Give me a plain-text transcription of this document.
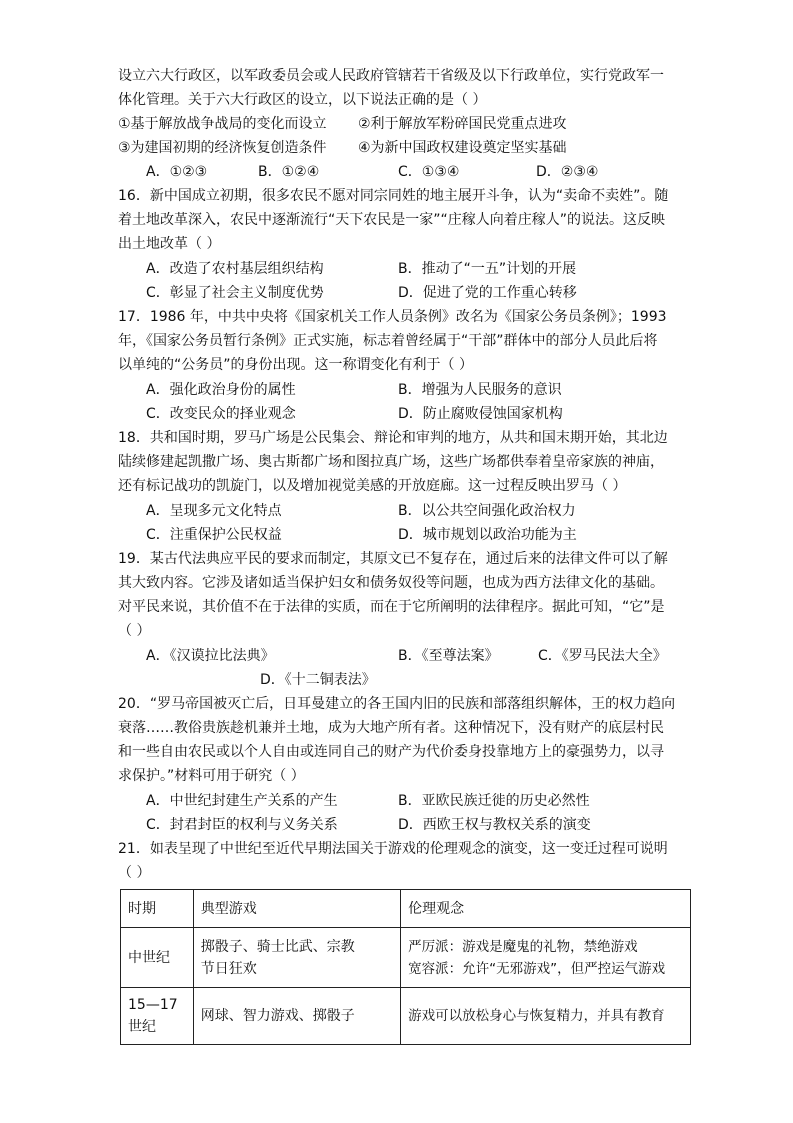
设立六大行政区，以军政委员会或人民政府管辖若干省级及以下行政单位，实行党政军一
体化管理。关于六大行政区的设立，以下说法正确的是（ ）
①基于解放战争战局的变化而设立 ②利于解放军粉碎国民党重点进攻
③为建国初期的经济恢复创造条件 ④为新中国政权建设奠定坚实基础
A．①②③	B．①②④	C．①③④	D．②③④
16．新中国成立初期，很多农民不愿对同宗同姓的地主展开斗争，认为“卖命不卖姓”。随
着土地改革深入，农民中逐渐流行“天下农民是一家”“庄稼人向着庄稼人”的说法。这反映
出土地改革（ ）
A．改造了农村基层组织结构	B．推动了“一五”计划的开展
C．彰显了社会主义制度优势	D．促进了党的工作重心转移
17．1986 年，中共中央将《国家机关工作人员条例》改名为《国家公务员条例》；1993
年，《国家公务员暂行条例》正式实施，标志着曾经属于“干部”群体中的部分人员此后将
以单纯的“公务员”的身份出现。这一称谓变化有利于（ ）
A．强化政治身份的属性	B．增强为人民服务的意识
C．改变民众的择业观念	D．防止腐败侵蚀国家机构
18．共和国时期，罗马广场是公民集会、辩论和审判的地方，从共和国末期开始，其北边
陆续修建起凯撒广场、奥古斯都广场和图拉真广场，这些广场都供奉着皇帝家族的神庙，
还有标记战功的凯旋门，以及增加视觉美感的开放庭廊。这一过程反映出罗马（ ）
A．呈现多元文化特点	B．以公共空间强化政治权力
C．注重保护公民权益	D．城市规划以政治功能为主
19．某古代法典应平民的要求而制定，其原文已不复存在，通过后来的法律文件可以了解
其大致内容。它涉及诸如适当保护妇女和债务奴役等问题，也成为西方法律文化的基础。
对平民来说，其价值不在于法律的实质，而在于它所阐明的法律程序。据此可知，“它”是
（ ）
A．《汉谟拉比法典》	B．《至尊法案》	C．《罗马民法大全》
D．《十二铜表法》
20．“罗马帝国被灭亡后，日耳曼建立的各王国内旧的民族和部落组织解体，王的权力趋向
衰落……教俗贵族趁机兼并土地，成为大地产所有者。这种情况下，没有财产的底层村民
和一些自由农民或以个人自由或连同自己的财产为代价委身投靠地方上的豪强势力，以寻
求保护。”材料可用于研究（ ）
A．中世纪封建生产关系的产生	B．亚欧民族迁徙的历史必然性
C．封君封臣的权利与义务关系	D．西欧王权与教权关系的演变
21．如表呈现了中世纪至近代早期法国关于游戏的伦理观念的演变，这一变迁过程可说明
（ ）
时期	典型游戏	伦理观念
中世纪	掷骰子、骑士比武、宗教节日狂欢	严厉派：游戏是魔鬼的礼物，禁绝游戏
宽容派：允许“无邪游戏”，但严控运气游戏

15—17世纪	网球、智力游戏、掷骰子	游戏可以放松身心与恢复精力，并具有教育
